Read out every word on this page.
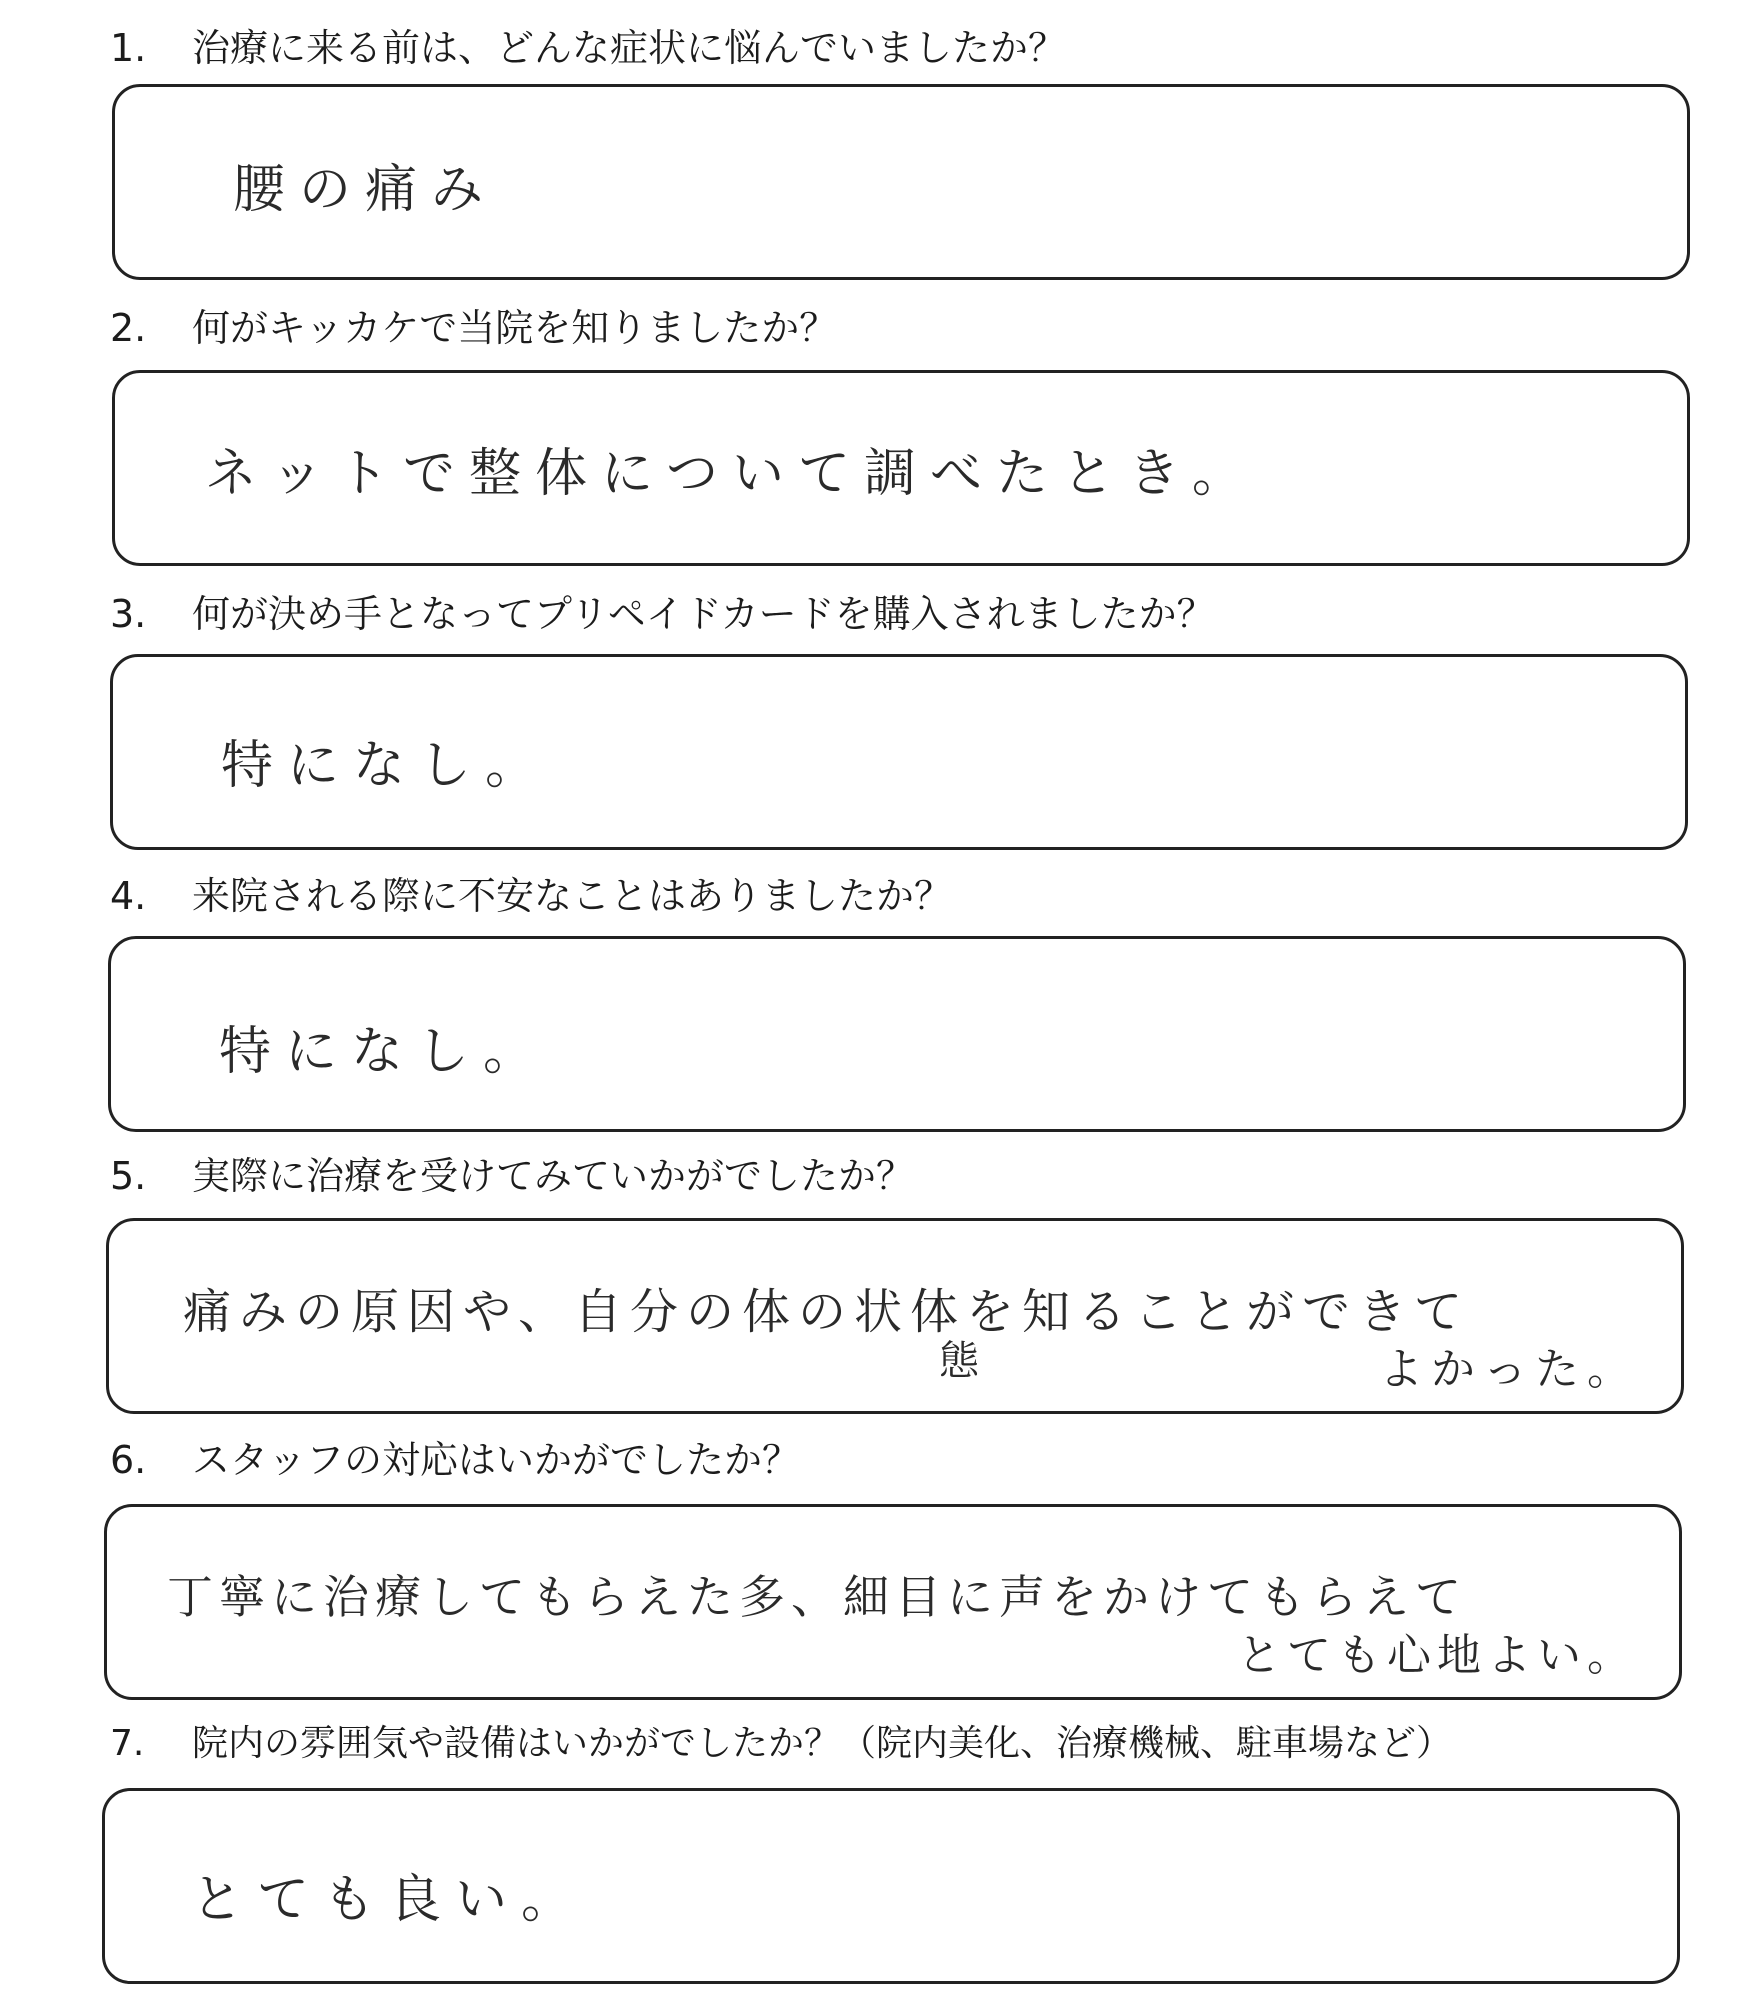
1. 治療に来る前は、どんな症状に悩んでいましたか？
腰の痛み
2. 何がキッカケで当院を知りましたか？
ネットで整体について調べたとき。
3. 何が決め手となってプリペイドカードを購入されましたか？
特になし。
4. 来院される際に不安なことはありましたか？
特になし。
5. 実際に治療を受けてみていかがでしたか？
痛みの原因や、自分の体の状体を知ることができて
態	よかった。
6. スタッフの対応はいかがでしたか？
丁寧に治療してもらえた多、細目に声をかけてもらえて
とても心地よい。
7. 院内の雰囲気や設備はいかがでしたか？（院内美化、治療機械、駐車場など）
とても良い。
